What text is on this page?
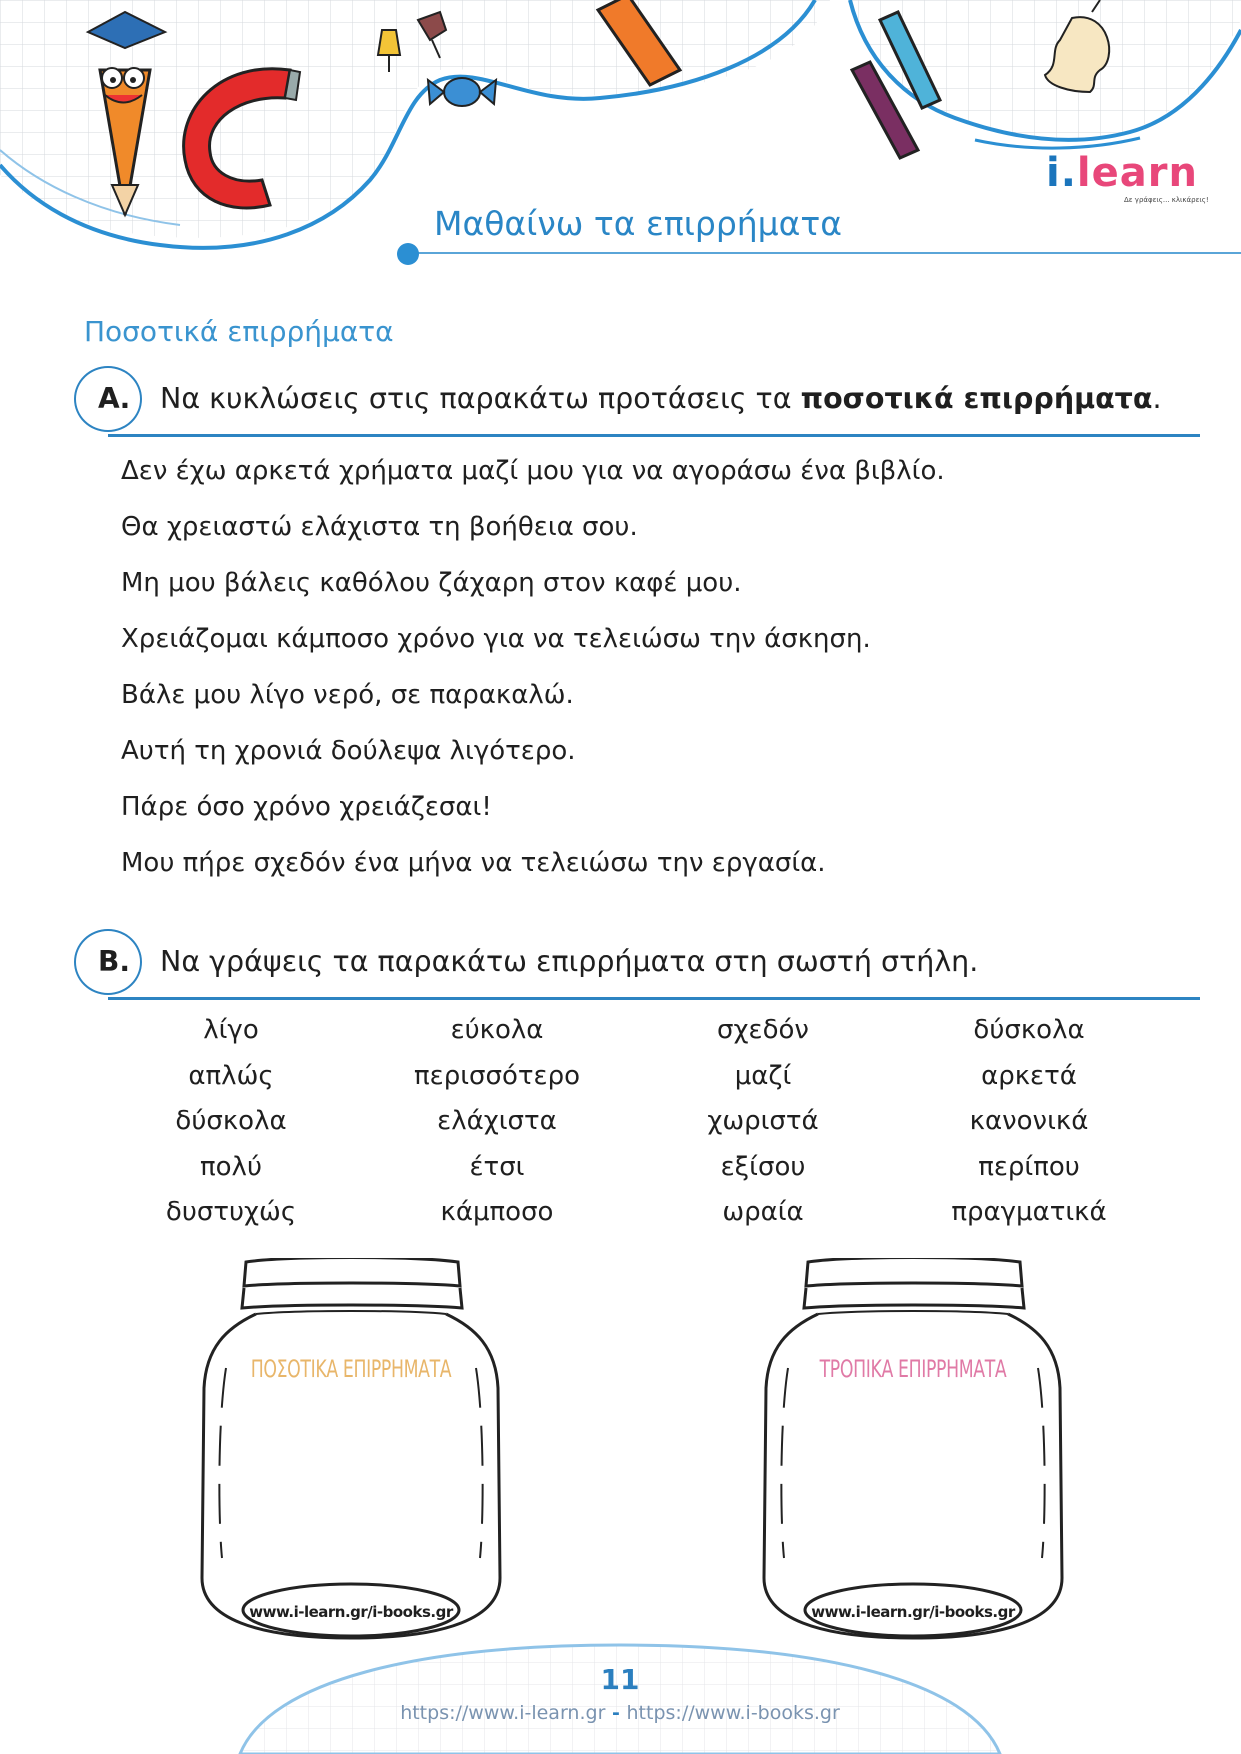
i.learn
Δε γράφεις... κλικάρεις!
Μαθαίνω τα επιρρήματα
Ποσοτικά επιρρήματα
Α. Να κυκλώσεις στις παρακάτω προτάσεις τα ποσοτικά επιρρήματα.
Δεν έχω αρκετά χρήματα μαζί μου για να αγοράσω ένα βιβλίο.
Θα χρειαστώ ελάχιστα τη βοήθεια σου.
Μη μου βάλεις καθόλου ζάχαρη στον καφέ μου.
Χρειάζομαι κάμποσο χρόνο για να τελειώσω την άσκηση.
Βάλε μου λίγο νερό, σε παρακαλώ.
Αυτή τη χρονιά δούλεψα λιγότερο.
Πάρε όσο χρόνο χρειάζεσαι!
Μου πήρε σχεδόν ένα μήνα να τελειώσω την εργασία.
Β. Να γράψεις τα παρακάτω επιρρήματα στη σωστή στήλη.
λίγο
απλώς
δύσκολα
πολύ
δυστυχώς
εύκολα
περισσότερο
ελάχιστα
έτσι
κάμποσο
σχεδόν
μαζί
χωριστά
εξίσου
ωραία
δύσκολα
αρκετά
κανονικά
περίπου
πραγματικά
ΠΟΣΟΤΙΚΑ ΕΠΙΡΡΗΜΑΤΑ
www.i-learn.gr/i-books.gr
ΤΡΟΠΙΚΑ ΕΠΙΡΡΗΜΑΤΑ
www.i-learn.gr/i-books.gr
11
https://www.i-learn.gr - https://www.i-books.gr
